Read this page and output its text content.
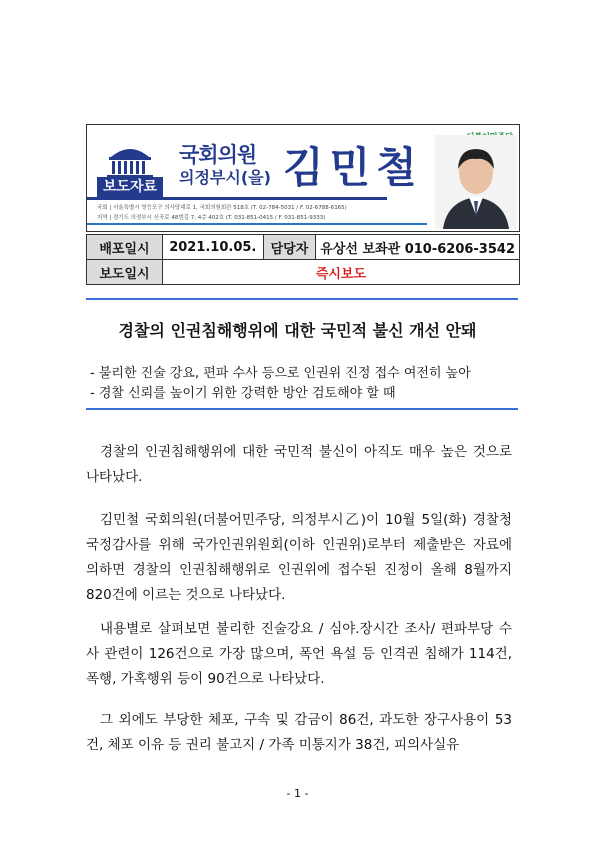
보도자료
국회의원
의정부시(을) 김민철
국회 | 서울특별시 영등포구 의사당대로 1, 국회의원회관 518호 (T. 02-784-5031 / F. 02-6788-6165)
지역 | 경기도 의정부시 신곡로 48번길 7, 4층 402호 (T. 031-851-0415 / F. 031-851-9333)
배포일시	2021.10.05.	담당자	유상선 보좌관 010-6206-3542
보도일시	즉시보도		
경찰의 인권침해행위에 대한 국민적 불신 개선 안돼
- 불리한 진술 강요, 편파 수사 등으로 인권위 진정 접수 여전히 높아
- 경찰 신뢰를 높이기 위한 강력한 방안 검토해야 할 때

경찰의 인권침해행위에 대한 국민적 불신이 아직도 매우 높은 것으로 나타났다.

김민철 국회의원(더불어민주당, 의정부시乙)이 10월 5일(화) 경찰청 국정감사를 위해 국가인권위원회(이하 인권위)로부터 제출받은 자료에 의하면 경찰의 인권침해행위로 인권위에 접수된 진정이 올해 8월까지 820건에 이르는 것으로 나타났다.

내용별로 살펴보면 불리한 진술강요 / 심야.장시간 조사/ 편파부당 수사 관련이 126건으로 가장 많으며, 폭언 욕설 등 인격권 침해가 114건, 폭행, 가혹행위 등이 90건으로 나타났다.

그 외에도 부당한 체포, 구속 및 감금이 86건, 과도한 장구사용이 53건, 체포 이유 등 권리 불고지 / 가족 미통지가 38건, 피의사실유

- 1 -
